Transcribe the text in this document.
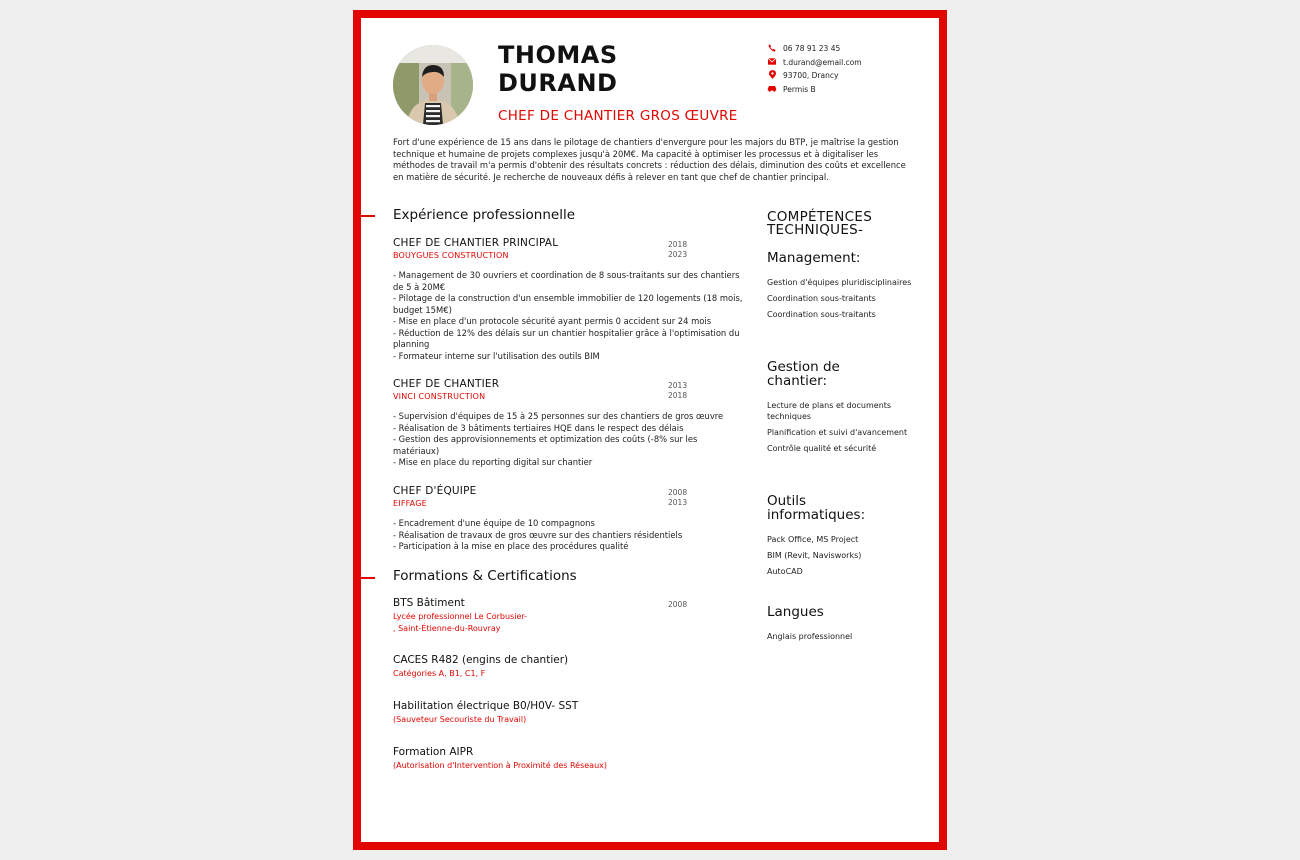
THOMAS
DURAND
CHEF DE CHANTIER GROS ŒUVRE
06 78 91 23 45
t.durand@email.com
93700, Drancy
Permis B

Fort d'une expérience de 15 ans dans le pilotage de chantiers d'envergure pour les majors du BTP, je maîtrise la gestion technique et humaine de projets complexes jusqu'à 20M€. Ma capacité à optimiser les processus et à digitaliser les méthodes de travail m'a permis d'obtenir des résultats concrets : réduction des délais, diminution des coûts et excellence en matière de sécurité. Je recherche de nouveaux défis à relever en tant que chef de chantier principal.

Expérience professionnelle
CHEF DE CHANTIER PRINCIPAL
BOUYGUES CONSTRUCTION
2018
2023
- Management de 30 ouvriers et coordination de 8 sous-traitants sur des chantiers de 5 à 20M€
- Pilotage de la construction d'un ensemble immobilier de 120 logements (18 mois, budget 15M€)
- Mise en place d'un protocole sécurité ayant permis 0 accident sur 24 mois
- Réduction de 12% des délais sur un chantier hospitalier grâce à l'optimisation du planning
- Formateur interne sur l'utilisation des outils BIM
CHEF DE CHANTIER
VINCI CONSTRUCTION
2013
2018
- Supervision d'équipes de 15 à 25 personnes sur des chantiers de gros œuvre
- Réalisation de 3 bâtiments tertiaires HQE dans le respect des délais
- Gestion des approvisionnements et optimization des coûts (-8% sur les matériaux)
- Mise en place du reporting digital sur chantier
CHEF D'ÉQUIPE
EIFFAGE
2008
2013
- Encadrement d'une équipe de 10 compagnons
- Réalisation de travaux de gros œuvre sur des chantiers résidentiels
- Participation à la mise en place des procédures qualité
Formations & Certifications
BTS Bâtiment
Lycée professionnel Le Corbusier-
, Saint-Étienne-du-Rouvray
2008
CACES R482 (engins de chantier)
Catégories A, B1, C1, F
Habilitation électrique B0/H0V- SST
(Sauveteur Secouriste du Travail)
Formation AIPR
(Autorisation d'Intervention à Proximité des Réseaux)
COMPÉTENCES
TECHNIQUES-
Management:
Gestion d'équipes pluridisciplinaires
Coordination sous-traitants
Coordination sous-traitants
Gestion de
chantier:
Lecture de plans et documents techniques
Planification et suivi d'avancement
Contrôle qualité et sécurité
Outils
informatiques:
Pack Office, MS Project
BIM (Revit, Navisworks)
AutoCAD
Langues
Anglais professionnel
